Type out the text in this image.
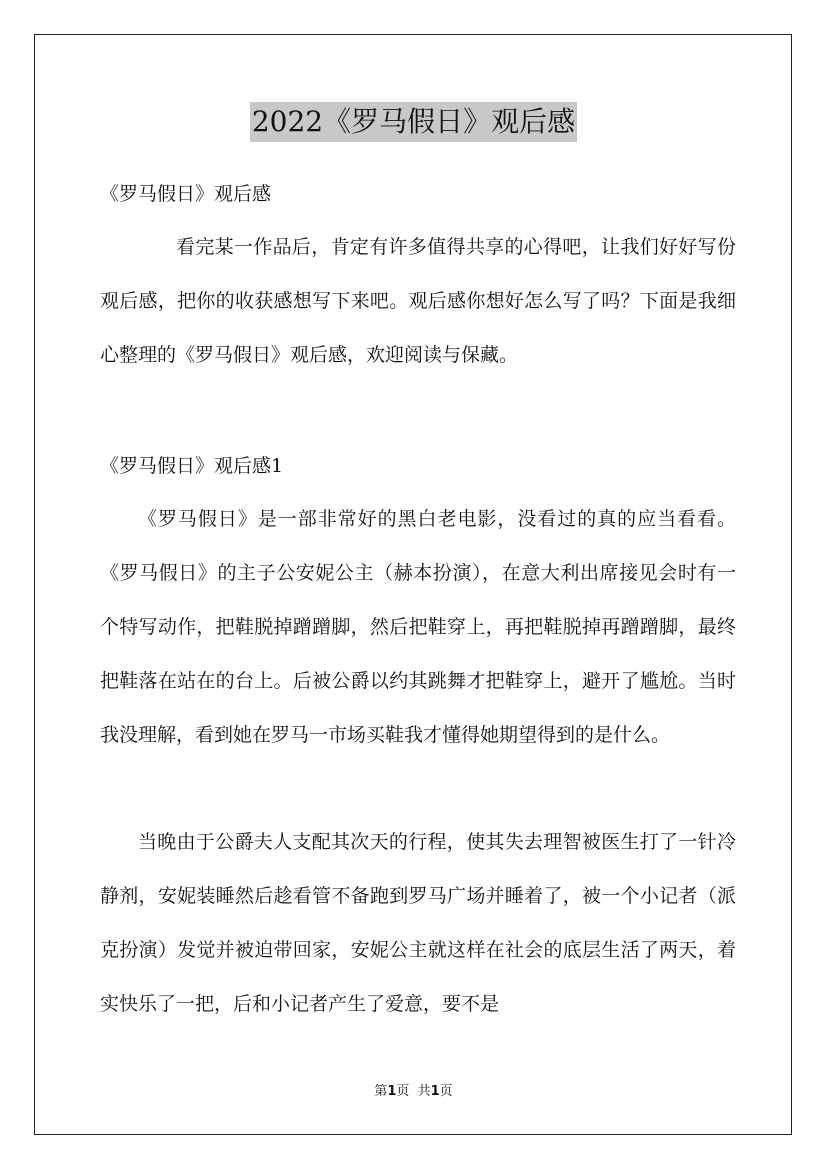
2022《罗马假日》观后感
《罗马假日》观后感
看完某一作品后，肯定有许多值得共享的心得吧，让我们好好写份观后感，把你的收获感想写下来吧。观后感你想好怎么写了吗？下面是我细心整理的《罗马假日》观后感，欢迎阅读与保藏。
《罗马假日》观后感1
《罗马假日》是一部非常好的黑白老电影，没看过的真的应当看看。《罗马假日》的主子公安妮公主（赫本扮演），在意大利出席接见会时有一个特写动作，把鞋脱掉蹭蹭脚，然后把鞋穿上，再把鞋脱掉再蹭蹭脚，最终把鞋落在站在的台上。后被公爵以约其跳舞才把鞋穿上，避开了尴尬。当时我没理解，看到她在罗马一市场买鞋我才懂得她期望得到的是什么。
当晚由于公爵夫人支配其次天的行程，使其失去理智被医生打了一针冷静剂，安妮装睡然后趁看管不备跑到罗马广场并睡着了，被一个小记者（派克扮演）发觉并被迫带回家，安妮公主就这样在社会的底层生活了两天，着实快乐了一把，后和小记者产生了爱意，要不是
第1页  共1页
